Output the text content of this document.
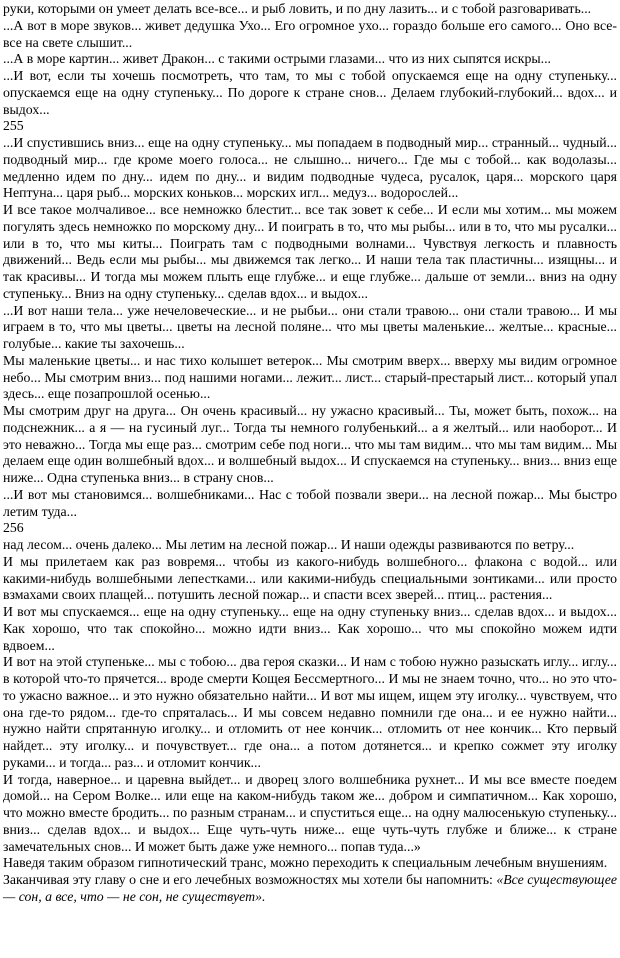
руки, которыми он умеет делать все-все... и рыб ловить, и по дну лазить... и с тобой разговаривать...

...А вот в море звуков... живет дедушка Ухо... Его огромное ухо... гораздо больше его самого... Оно все-все на свете слышит...

...А в море картин... живет Дракон... с такими острыми глазами... что из них сыпятся искры...

...И вот, если ты хочешь посмотреть, что там, то мы с тобой опускаемся еще на одну ступеньку... опускаемся еще на одну ступеньку... По дороге к стране снов... Делаем глубокий-глубокий... вдох... и выдох...

255

...И спустившись вниз... еще на одну ступеньку... мы попадаем в подводный мир... странный... чудный... подводный мир... где кроме моего голоса... не слышно... ничего... Где мы с тобой... как водолазы... медленно идем по дну... идем по дну... и видим подводные чудеса, русалок, царя... морского царя Нептуна... царя рыб... морских коньков... морских игл... медуз... водорослей...

И все такое молчаливое... все немножко блестит... все так зовет к себе... И если мы хотим... мы можем погулять здесь немножко по морскому дну... И поиграть в то, что мы рыбы... или в то, что мы русалки... или в то, что мы киты... Поиграть там с подводными волнами... Чувствуя легкость и плавность движений... Ведь если мы рыбы... мы движемся так легко... И наши тела так пластичны... изящны... и так красивы... И тогда мы можем плыть еще глубже... и еще глубже... дальше от земли... вниз на одну ступеньку... Вниз на одну ступеньку... сделав вдох... и выдох...

...И вот наши тела... уже нечеловеческие... и не рыбьи... они стали травою... они стали травою... И мы играем в то, что мы цветы... цветы на лесной поляне... что мы цветы маленькие... желтые... красные... голубые... какие ты захочешь...

Мы маленькие цветы... и нас тихо колышет ветерок... Мы смотрим вверх... вверху мы видим огромное небо... Мы смотрим вниз... под нашими ногами... лежит... лист... старый-престарый лист... который упал здесь... еще позапрошлой осенью...

Мы смотрим друг на друга... Он очень красивый... ну ужасно красивый... Ты, может быть, похож... на подснежник... а я — на гусиный луг... Тогда ты немного голубенький... а я желтый... или наоборот... И это неважно... Тогда мы еще раз... смотрим себе под ноги... что мы там видим... что мы там видим... Мы делаем еще один волшебный вдох... и волшебный выдох... И спускаемся на ступеньку... вниз... вниз еще ниже... Одна ступенька вниз... в страну снов...

...И вот мы становимся... волшебниками... Нас с тобой позвали звери... на лесной пожар... Мы быстро летим туда...

256

над лесом... очень далеко... Мы летим на лесной пожар... И наши одежды развиваются по ветру...

И мы прилетаем как раз вовремя... чтобы из какого-нибудь волшебного... флакона с водой... или какими-нибудь волшебными лепестками... или какими-нибудь специальными зонтиками... или просто взмахами своих плащей... потушить лесной пожар... и спасти всех зверей... птиц... растения...

И вот мы спускаемся... еще на одну ступеньку... еще на одну ступеньку вниз... сделав вдох... и выдох... Как хорошо, что так спокойно... можно идти вниз... Как хорошо... что мы спокойно можем идти вдвоем...

И вот на этой ступеньке... мы с тобою... два героя сказки... И нам с тобою нужно разыскать иглу... иглу... в которой что-то прячется... вроде смерти Кощея Бессмертного... И мы не знаем точно, что... но это что-то ужасно важное... и это нужно обязательно найти... И вот мы ищем, ищем эту иголку... чувствуем, что она где-то рядом... где-то спряталась... И мы совсем недавно помнили где она... и ее нужно найти... нужно найти спрятанную иголку... и отломить от нее кончик... отломить от нее кончик... Кто первый найдет... эту иголку... и почувствует... где она... а потом дотянется... и крепко сожмет эту иголку руками... и тогда... раз... и отломит кончик...

И тогда, наверное... и царевна выйдет... и дворец злого волшебника рухнет... И мы все вместе поедем домой... на Сером Волке... или еще на каком-нибудь таком же... добром и симпатичном... Как хорошо, что можно вместе бродить... по разным странам... и спуститься еще... на одну малюсенькую ступеньку... вниз... сделав вдох... и выдох... Еще чуть-чуть ниже... еще чуть-чуть глубже и ближе... к стране замечательных снов... И может быть даже уже немного... попав туда...»

Наведя таким образом гипнотический транс, можно переходить к специальным лечебным внушениям.

Заканчивая эту главу о сне и его лечебных возможностях мы хотели бы напомнить: «Все существующее — сон, а все, что — не сон, не существует».
